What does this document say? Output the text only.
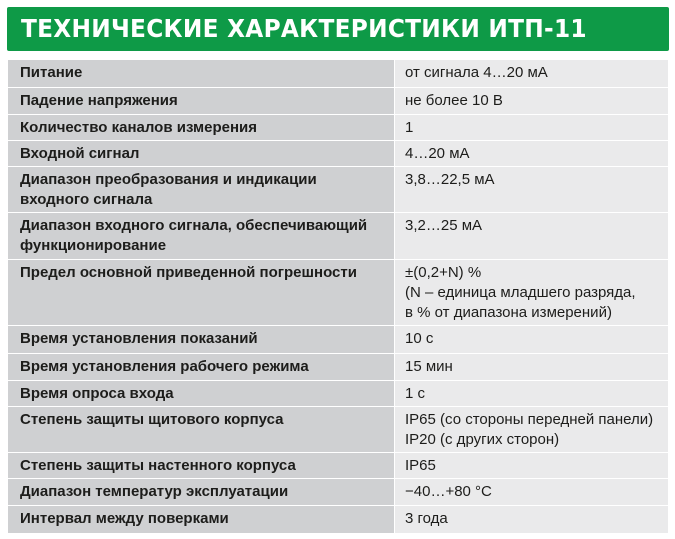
ТЕХНИЧЕСКИЕ ХАРАКТЕРИСТИКИ ИТП-11
Питание	от сигнала 4…20 мА

Падение напряжения	не более 10 В

Количество каналов измерения	1

Входной сигнал	4…20 мА

Диапазон преобразования и индикации входного сигнала	3,8…22,5 мА

Диапазон входного сигнала, обеспечивающий функционирование	3,2…25 мА

Предел основной приведенной погрешности	±(0,2+N) %
(N – единица младшего разряда,
в % от диапазона измерений)

Время установления показаний	10 с

Время установления рабочего режима	15 мин

Время опроса входа	1 с

Степень защиты щитового корпуса	IP65 (со стороны передней панели)
IP20 (с других сторон)

Степень защиты настенного корпуса	IP65

Диапазон температур эксплуатации	−40…+80 °С

Интервал между поверками	3 года
